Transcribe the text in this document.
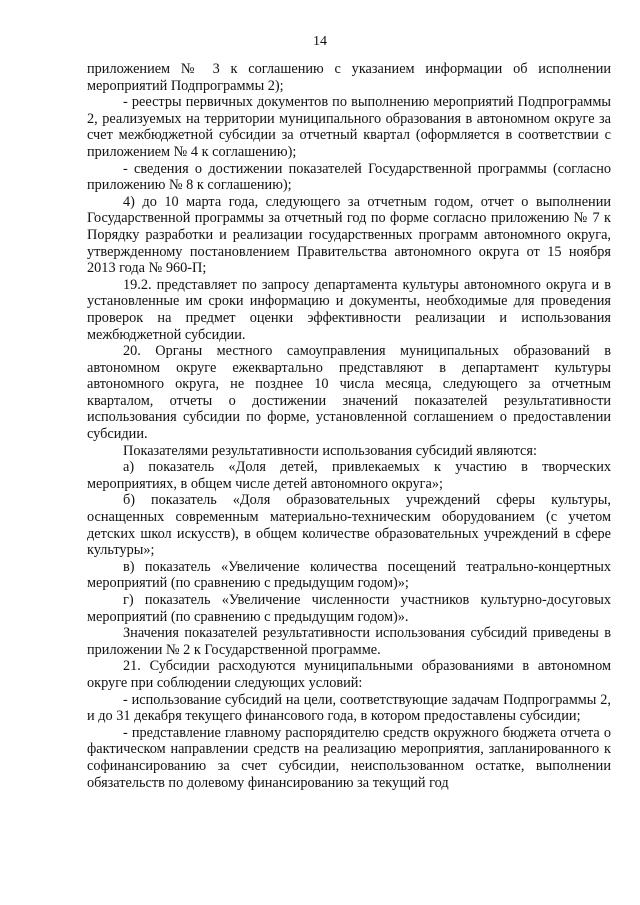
14

приложением № 3 к соглашению с указанием информации об исполнении мероприятий Подпрограммы 2);

- реестры первичных документов по выполнению мероприятий Подпрограммы 2, реализуемых на территории муниципального образования в автономном округе за счет межбюджетной субсидии за отчетный квартал (оформляется в соответствии с приложением № 4 к соглашению);

- сведения о достижении показателей Государственной программы (согласно приложению № 8 к соглашению);

4) до 10 марта года, следующего за отчетным годом, отчет о выполнении Государственной программы за отчетный год по форме согласно приложению № 7 к Порядку разработки и реализации государственных программ автономного округа, утвержденному постановлением Правительства автономного округа от 15 ноября 2013 года № 960-П;

19.2. представляет по запросу департамента культуры автономного округа и в установленные им сроки информацию и документы, необходимые для проведения проверок на предмет оценки эффективности реализации и использования межбюджетной субсидии.

20. Органы местного самоуправления муниципальных образований в автономном округе ежеквартально представляют в департамент культуры автономного округа, не позднее 10 числа месяца, следующего за отчетным кварталом, отчеты о достижении значений показателей результативности использования субсидии по форме, установленной соглашением о предоставлении субсидии.

Показателями результативности использования субсидий являются:

а) показатель «Доля детей, привлекаемых к участию в творческих мероприятиях, в общем числе детей автономного округа»;

б) показатель «Доля образовательных учреждений сферы культуры, оснащенных современным материально-техническим оборудованием (с учетом детских школ искусств), в общем количестве образовательных учреждений в сфере культуры»;

в) показатель «Увеличение количества посещений театрально-концертных мероприятий (по сравнению с предыдущим годом)»;

г) показатель «Увеличение численности участников культурно-досуговых мероприятий (по сравнению с предыдущим годом)».

Значения показателей результативности использования субсидий приведены в приложении № 2 к Государственной программе.

21. Субсидии расходуются муниципальными образованиями в автономном округе при соблюдении следующих условий:

- использование субсидий на цели, соответствующие задачам Подпрограммы 2, и до 31 декабря текущего финансового года, в котором предоставлены субсидии;

- представление главному распорядителю средств окружного бюджета отчета о фактическом направлении средств на реализацию мероприятия, запланированного к софинансированию за счет субсидии, неиспользованном остатке, выполнении обязательств по долевому финансированию за текущий год
